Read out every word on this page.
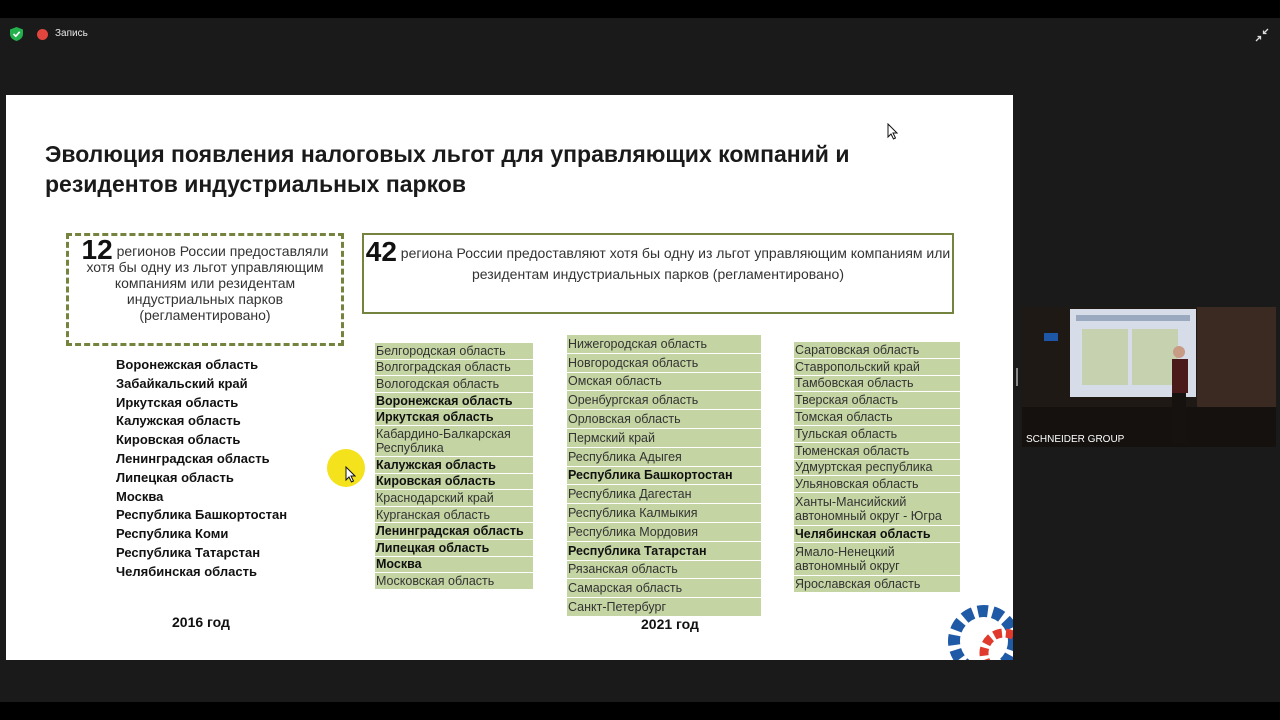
Запись
Эволюция появления налоговых льгот для управляющих компаний и резидентов индустриальных парков
12 регионов России предоставляли хотя бы одну из льгот управляющим компаниям или резидентам индустриальных парков (регламентировано)
42 региона России предоставляют хотя бы одну из льгот управляющим компаниям или резидентам индустриальных парков (регламентировано)
Воронежская область
Забайкальский край
Иркутская область
Калужская область
Кировская область
Ленинградская область
Липецкая область
Москва
Республика Башкортостан
Республика Коми
Республика Татарстан
Челябинская область
Белгородская область
Волгоградская область
Вологодская область
Воронежская область
Иркутская область
Кабардино-Балкарская Республика
Калужская область
Кировская область
Краснодарский край
Курганская область
Ленинградская область
Липецкая область
Москва
Московская область
Нижегородская область
Новгородская область
Омская область
Оренбургская область
Орловская область
Пермский край
Республика Адыгея
Республика Башкортостан
Республика Дагестан
Республика Калмыкия
Республика Мордовия
Республика Татарстан
Рязанская область
Самарская область
Санкт-Петербург
Саратовская область
Ставропольский край
Тамбовская область
Тверская область
Томская область
Тульская область
Тюменская область
Удмуртская республика
Ульяновская область
Ханты-Мансийский автономный округ - Югра
Челябинская область
Ямало-Ненецкий автономный округ
Ярославская область
2016 год	2021 год
SCHNEIDER GROUP
